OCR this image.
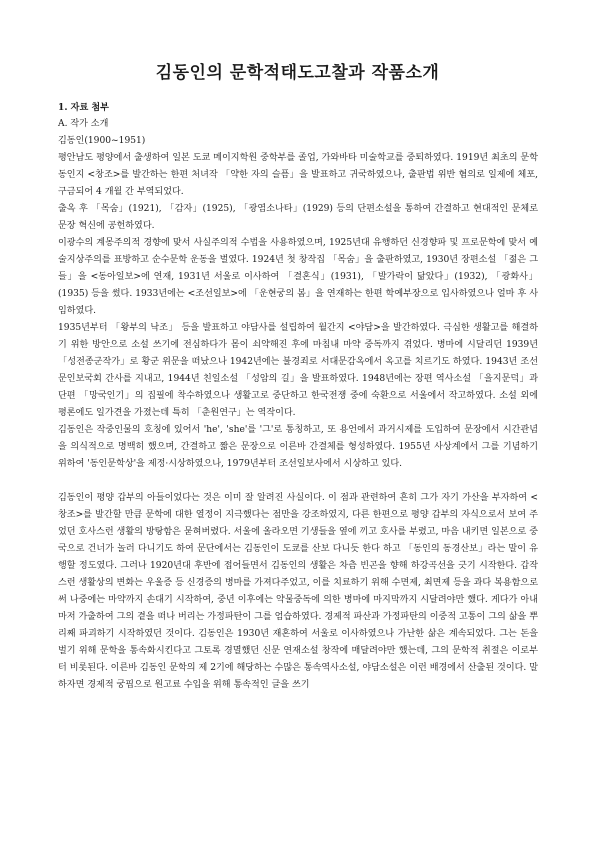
김동인의 문학적태도고찰과 작품소개

1. 자료 첨부

A. 작가 소개

김동인(1900~1951)

평안남도 평양에서 출생하여 일본 도쿄 메이지학원 중학부를 졸업, 가와바타 미술학교를 중퇴하였다. 1919년 최초의 문학동인지 <창조>를 발간하는 한편 처녀작 「약한 자의 슬픔」을 발표하고 귀국하였으나, 출판법 위반 혐의로 일제에 체포, 구금되어 4 개월 간 부역되었다.

출옥 후 「목숨」(1921), 「감자」(1925), 「광염소나타」(1929) 등의 단편소설을 통하여 간결하고 현대적인 문체로 문장 혁신에 공헌하였다.

이광수의 계몽주의적 경향에 맞서 사실주의적 수법을 사용하였으며, 1925년대 유행하던 신경향파 및 프로문학에 맞서 예술지상주의를 표방하고 순수문학 운동을 벌였다. 1924년 첫 창작집 「목숨」을 출판하였고, 1930년 장편소설 「젊은 그들」을 <동아일보>에 연재, 1931년 서울로 이사하여 「결혼식」(1931), 「발가락이 닮았다」(1932), 「광화사」(1935) 등을 썼다. 1933년에는 <조선일보>에 「운현궁의 봄」을 연재하는 한편 학예부장으로 입사하였으나 얼마 후 사임하였다.

1935년부터 「왕부의 낙조」 등을 발표하고 야담사를 설립하여 월간지 <야담>을 발간하였다. 극심한 생활고를 해결하기 위한 방안으로 소설 쓰기에 전심하다가 몸이 쇠약해진 후에 마침내 마약 중독까지 겪었다. 병마에 시달리던 1939년 「성전종군작가」로 황군 위문을 떠났으나 1942년에는 불경죄로 서대문감옥에서 옥고를 치르기도 하였다. 1943년 조선문인보국회 간사를 지내고, 1944년 친일소설 「성암의 길」을 발표하였다. 1948년에는 장편 역사소설 「을지문덕」과 단편 「망국인기」의 집필에 착수하였으나 생활고로 중단하고 한국전쟁 중에 숙환으로 서울에서 작고하였다. 소설 외에 평론에도 일가견을 가졌는데 특히 「춘원연구」는 역작이다.

김동인은 작중인물의 호칭에 있어서 'he', 'she'를 '그'로 통칭하고, 또 용언에서 과거시제를 도입하여 문장에서 시간관념을 의식적으로 명백히 했으며, 간결하고 짧은 문장으로 이른바 간결체를 형성하였다. 1955년 사상계에서 그를 기념하기 위하여 '동인문학상'을 제정·시상하였으나, 1979년부터 조선일보사에서 시상하고 있다.

김동인이 평양 갑부의 아들이었다는 것은 이미 잘 알려진 사실이다. 이 점과 관련하여 흔히 그가 자기 가산을 부자하여 <창조>를 발간할 만큼 문학에 대한 열정이 지극했다는 점만을 강조하였지, 다른 한편으로 평양 갑부의 자식으로서 보여 주었던 호사스런 생활의 방탕함은 묻혀버렸다. 서울에 올라오면 기생들을 옆에 끼고 호사를 부렸고, 마음 내키면 일본으로 중국으로 건너가 놀러 다니기도 하여 문단에서는 김동인이 도쿄를 산보 다니듯 한다 하고 「동인의 동경산보」라는 말이 유행할 정도였다. 그러나 1920년대 후반에 접어들면서 김동인의 생활은 차츰 빈곤을 향해 하강곡선을 긋기 시작한다. 갑작스런 생활상의 변화는 우울증 등 신경증의 병마를 가져다주었고, 이를 치료하기 위해 수면제, 최면제 등을 과다 복용함으로써 나중에는 마약까지 손대기 시작하여, 중년 이후에는 약물중독에 의한 병마에 마지막까지 시달려야만 했다. 게다가 아내마저 가출하여 그의 곁을 떠나 버리는 가정파탄이 그를 엄습하였다. 경제적 파산과 가정파탄의 이중적 고통이 그의 삶을 뿌리째 파괴하기 시작하였던 것이다. 김동인은 1930년 재혼하여 서울로 이사하였으나 가난한 삶은 계속되었다. 그는 돈을 벌기 위해 문학을 통속화시킨다고 그토록 경멸했던 신문 연재소설 창작에 매달려야만 했는데, 그의 문학적 취절은 이로부터 비롯된다. 이른바 김동인 문학의 제 2기에 해당하는 수많은 통속역사소설, 야담소설은 이런 배경에서 산출된 것이다. 말하자면 경제적 궁핍으로 원고료 수입을 위해 통속적인 글을 쓰기
